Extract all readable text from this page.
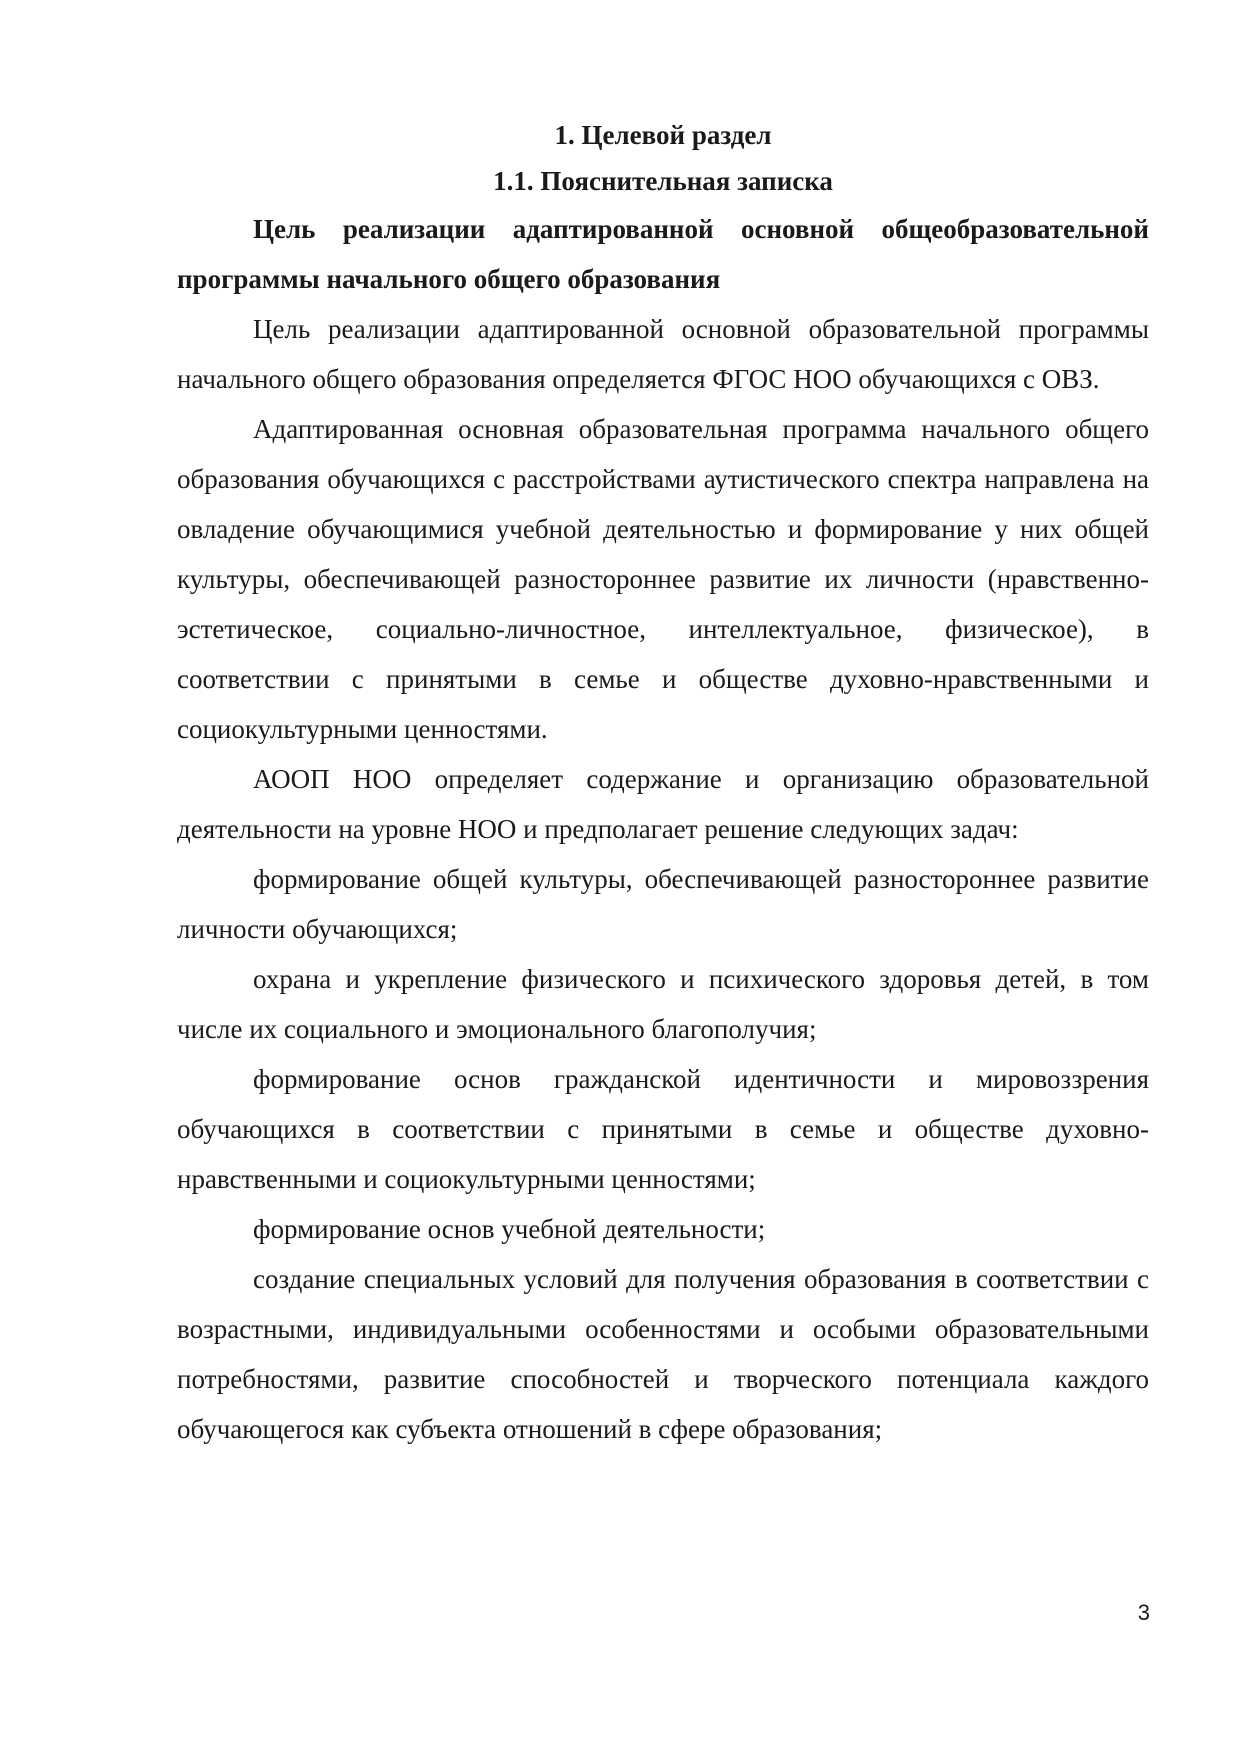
1. Целевой раздел
1.1. Пояснительная записка

Цель реализации адаптированной основной общеобразовательной программы начального общего образования

Цель реализации адаптированной основной образовательной программы начального общего образования определяется ФГОС НОО обучающихся с ОВЗ.

Адаптированная основная образовательная программа начального общего образования обучающихся с расстройствами аутистического спектра направлена на овладение обучающимися учебной деятельностью и формирование у них общей культуры, обеспечивающей разностороннее развитие их личности (нравственно-эстетическое, социально-личностное, интеллектуальное, физическое), в соответствии с принятыми в семье и обществе духовно-нравственными и социокультурными ценностями.

АООП НОО определяет содержание и организацию образовательной деятельности на уровне НОО и предполагает решение следующих задач:

формирование общей культуры, обеспечивающей разностороннее развитие личности обучающихся;

охрана и укрепление физического и психического здоровья детей, в том числе их социального и эмоционального благополучия;

формирование основ гражданской идентичности и мировоззрения обучающихся в соответствии с принятыми в семье и обществе духовно-нравственными и социокультурными ценностями;

формирование основ учебной деятельности;

создание специальных условий для получения образования в соответствии с возрастными, индивидуальными особенностями и особыми образовательными потребностями, развитие способностей и творческого потенциала каждого обучающегося как субъекта отношений в сфере образования;

3
